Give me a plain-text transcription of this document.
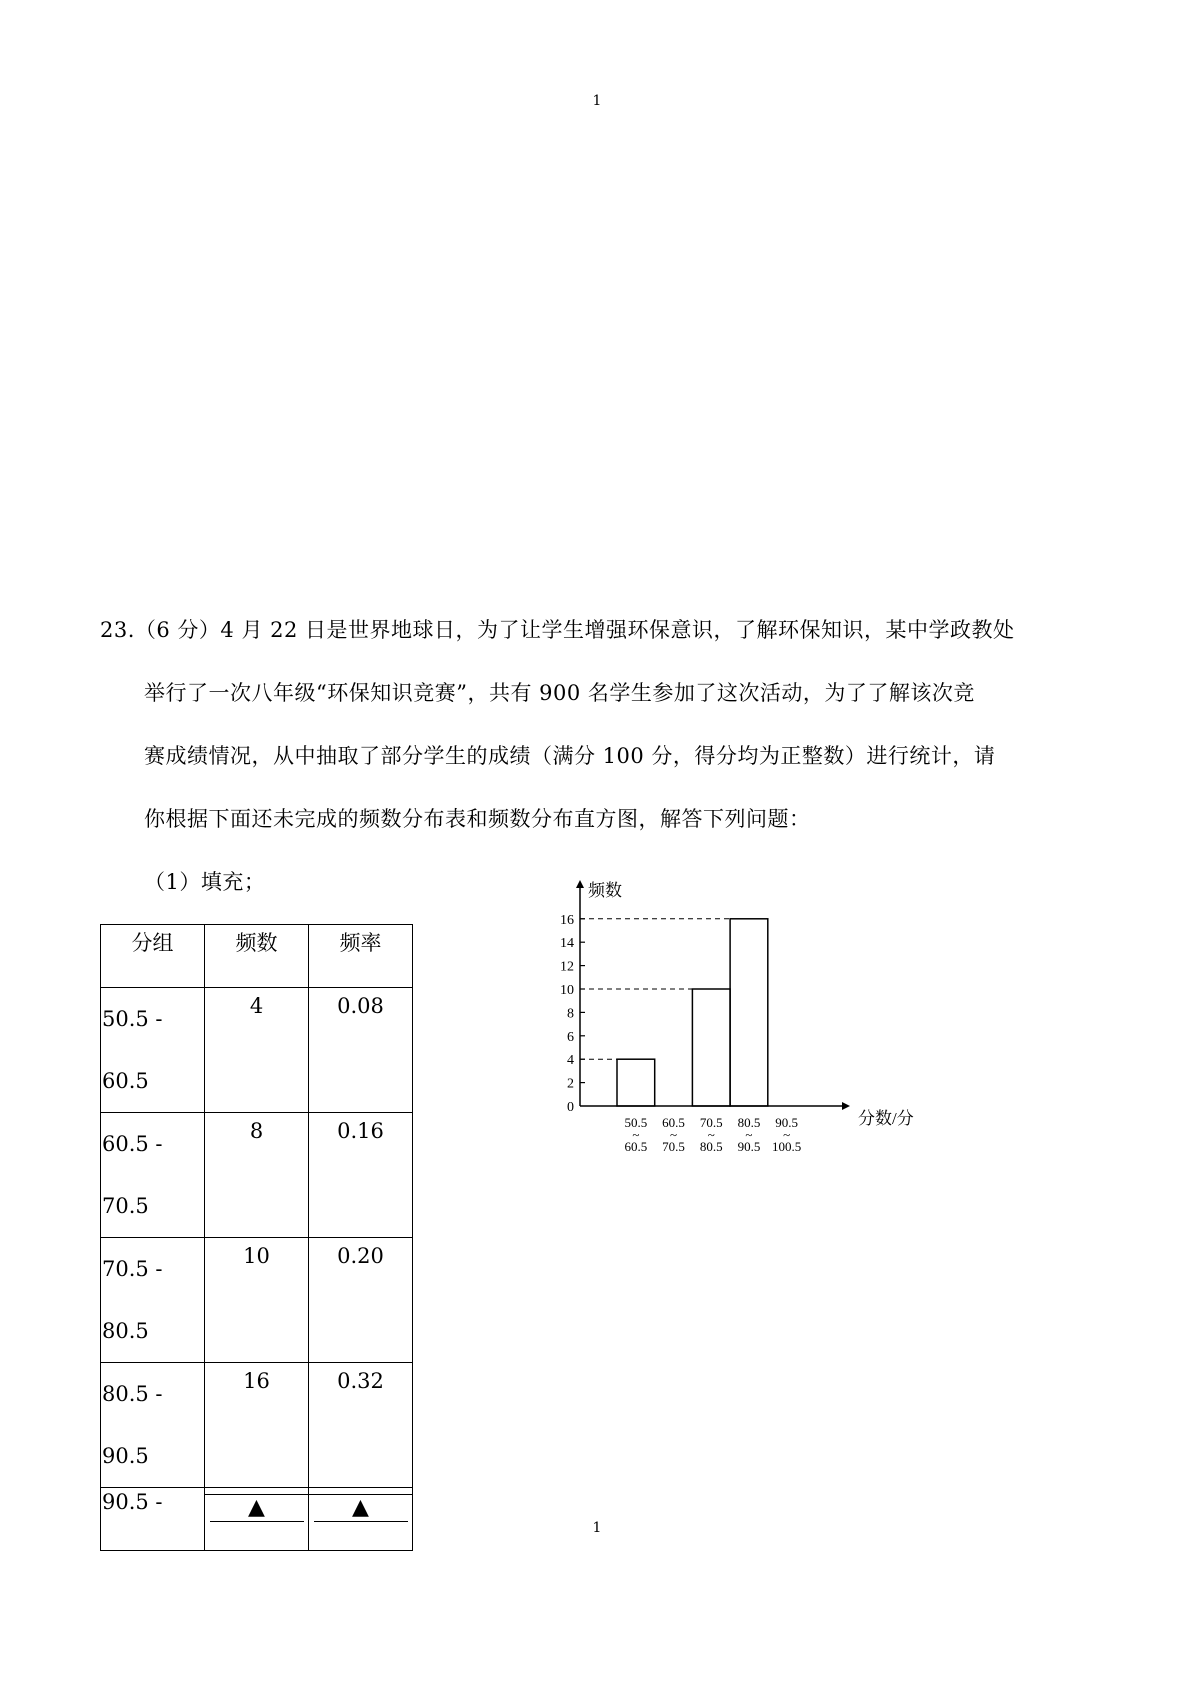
1
23.（6 分）4 月 22 日是世界地球日，为了让学生增强环保意识，了解环保知识，某中学政教处
举行了一次八年级“环保知识竞赛”，共有 900 名学生参加了这次活动，为了了解该次竞
赛成绩情况，从中抽取了部分学生的成绩（满分 100 分，得分均为正整数）进行统计，请
你根据下面还未完成的频数分布表和频数分布直方图，解答下列问题：
（1）填充；
分组	频数	频率

50.5 -
60.5	4	0.08

60.5 -
70.5	8	0.16

70.5 -
80.5	10	0.20

80.5 -
90.5	16	0.32

90.5 -	▲	▲
0
2
4
6
8
10
12
14
16
50.5
~
60.5
60.5
~
70.5
70.5
~
80.5
80.5
~
90.5
90.5
~
100.5
频数
分数/分
1
